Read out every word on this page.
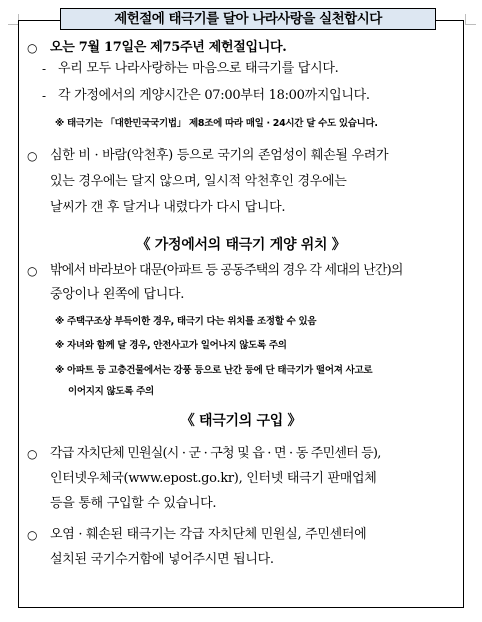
제헌절에 태극기를 달아 나라사랑을 실천합시다
○ 오는 7월 17일은 제75주년 제헌절입니다.
- 우리 모두 나라사랑하는 마음으로 태극기를 답시다.
- 각 가정에서의 게양시간은 07:00부터 18:00까지입니다.
※ 태극기는 「대한민국국기법」 제8조에 따라 매일 · 24시간 달 수도 있습니다.
○ 심한 비 · 바람(악천후) 등으로 국기의 존엄성이 훼손될 우려가
있는 경우에는 달지 않으며, 일시적 악천후인 경우에는
날씨가 갠 후 달거나 내렸다가 다시 답니다.
《 가정에서의 태극기 게양 위치 》
○ 밖에서 바라보아 대문(아파트 등 공동주택의 경우 각 세대의 난간)의
중앙이나 왼쪽에 답니다.
※ 주택구조상 부득이한 경우, 태극기 다는 위치를 조정할 수 있음
※ 자녀와 함께 달 경우, 안전사고가 일어나지 않도록 주의
※ 아파트 등 고층건물에서는 강풍 등으로 난간 등에 단 태극기가 떨어져 사고로
이어지지 않도록 주의
《 태극기의 구입 》
○ 각급 자치단체 민원실(시 · 군 · 구청 및 읍 · 면 · 동 주민센터 등),
인터넷우체국(www.epost.go.kr), 인터넷 태극기 판매업체
등을 통해 구입할 수 있습니다.
○ 오염 · 훼손된 태극기는 각급 자치단체 민원실, 주민센터에
설치된 국기수거함에 넣어주시면 됩니다.
